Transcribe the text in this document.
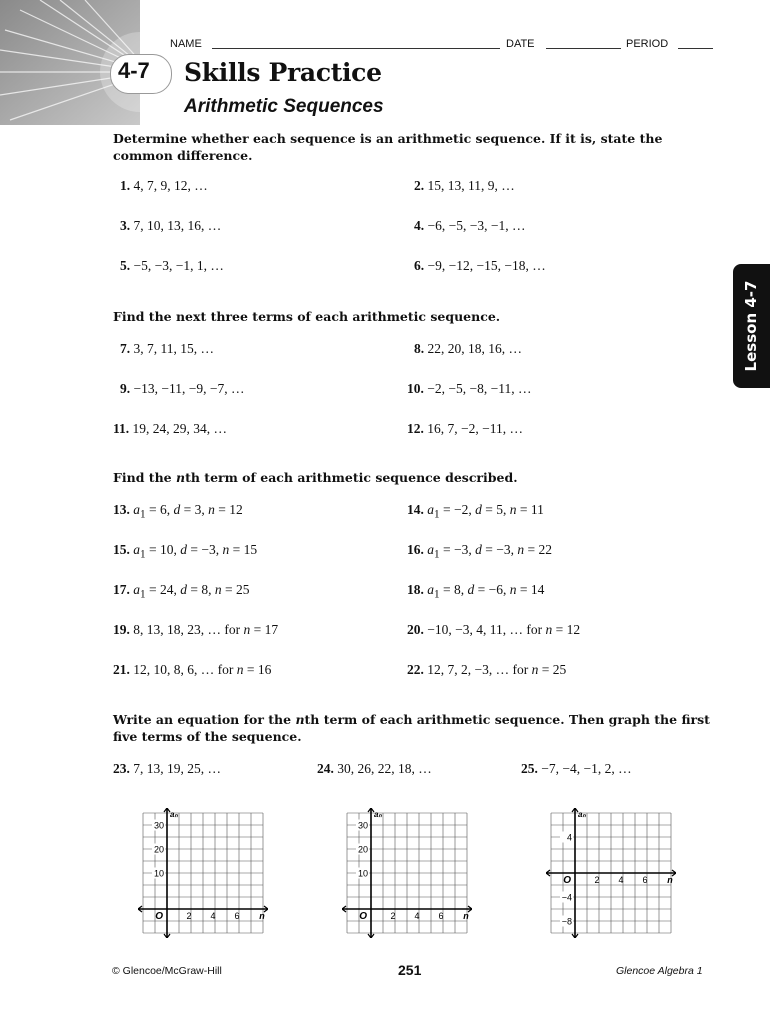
NAME	DATE	PERIOD
4-7 Skills Practice
Arithmetic Sequences
Lesson 4-7
Determine whether each sequence is an arithmetic sequence. If it is, state the common difference.
1. 4, 7, 9, 12, …	2. 15, 13, 11, 9, …
3. 7, 10, 13, 16, …	4. −6, −5, −3, −1, …
5. −5, −3, −1, 1, …	6. −9, −12, −15, −18, …
Find the next three terms of each arithmetic sequence.
7. 3, 7, 11, 15, …	8. 22, 20, 18, 16, …
9. −13, −11, −9, −7, …	10. −2, −5, −8, −11, …
11. 19, 24, 29, 34, …	12. 16, 7, −2, −11, …
Find the nth term of each arithmetic sequence described.
13. $a_1 = 6$, d = 3, n = 12	14. $a_1 = -2$, d = 5, n = 11
15. $a_1 = 10$, d = −3, n = 15	16. $a_1 = -3$, d = −3, n = 22
17. $a_1 = 24$, d = 8, n = 25	18. $a_1 = 8$, d = −6, n = 14
19. 8, 13, 18, 23, … for n = 17	20. −10, −3, 4, 11, … for n = 12
21. 12, 10, 8, 6, … for n = 16	22. 12, 7, 2, −3, … for n = 25
Write an equation for the nth term of each arithmetic sequence. Then graph the first five terms of the sequence.
23. 7, 13, 19, 25, …	24. 30, 26, 22, 18, …	25. −7, −4, −1, 2, …
30
20
10
2 4 6
O	n
aₙ
30
20
10
2 4 6
O	n
aₙ
4
−4
−8
2 4 6
O	n
aₙ
© Glencoe/McGraw-Hill	251	Glencoe Algebra 1
